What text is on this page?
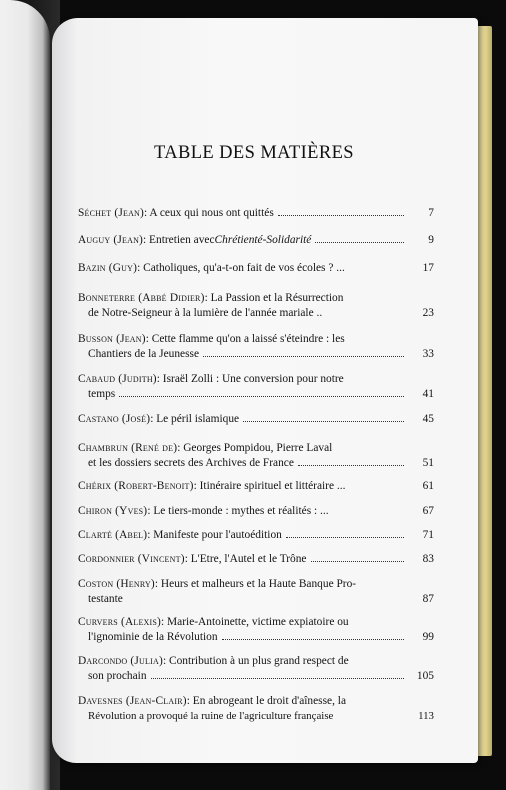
TABLE DES MATIÈRES
Séchet (Jean) : A ceux qui nous ont quittés	7
Auguy (Jean) : Entretien avec Chrétienté-Solidarité	9
Bazin (Guy) : Catholiques, qu'a-t-on fait de vos écoles ? ...	17
Bonneterre (Abbé Didier) : La Passion et la Résurrection
de Notre-Seigneur à la lumière de l'année mariale ..	23
Busson (Jean) : Cette flamme qu'on a laissé s'éteindre : les
Chantiers de la Jeunesse	33
Cabaud (Judith) : Israël Zolli : Une conversion pour notre
temps	41
Castano (José) : Le péril islamique	45
Chambrun (René de) : Georges Pompidou, Pierre Laval
et les dossiers secrets des Archives de France	51
Chérix (Robert-Benoit) : Itinéraire spirituel et littéraire ...	61
Chiron (Yves) : Le tiers-monde : mythes et réalités : ...	67
Clarté (Abel) : Manifeste pour l'autoédition	71
Cordonnier (Vincent) : L'Etre, l'Autel et le Trône	83
Coston (Henry) : Heurs et malheurs et la Haute Banque Pro-
testante	87
Curvers (Alexis) : Marie-Antoinette, victime expiatoire ou
l'ignominie de la Révolution	99
Darcondo (Julia) : Contribution à un plus grand respect de
son prochain	105
Davesnes (Jean-Clair) : En abrogeant le droit d'aînesse, la
Révolution a provoqué la ruine de l'agriculture française	113
